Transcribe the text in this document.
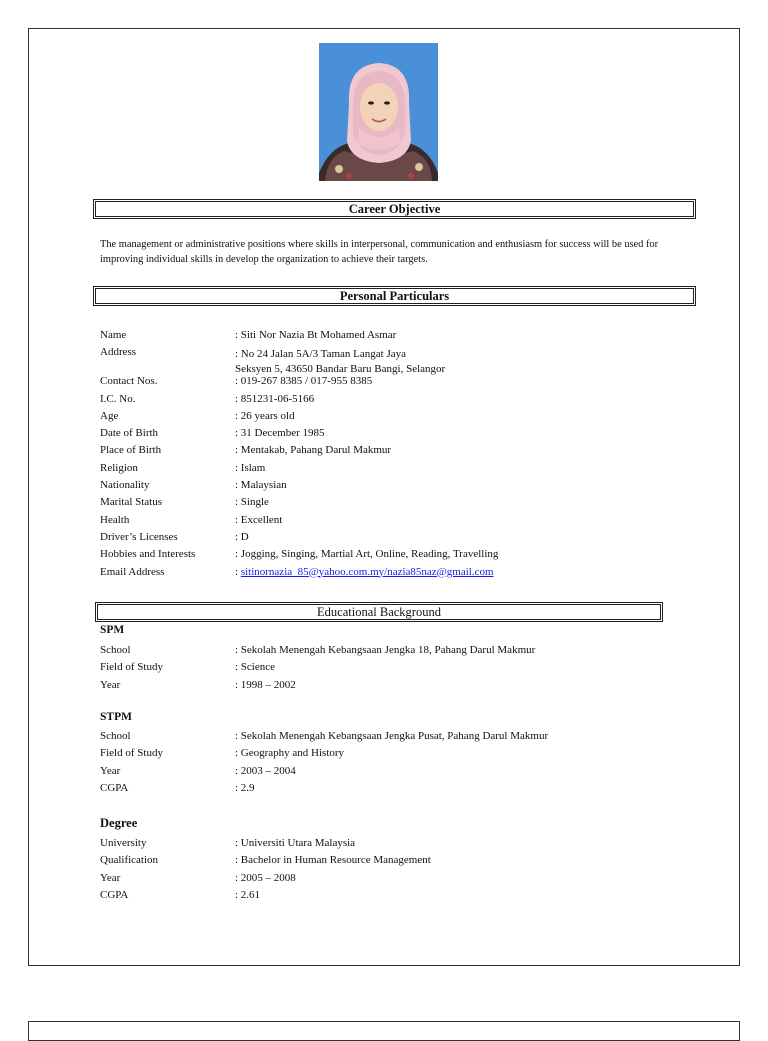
Career Objective
The management or administrative positions where skills in interpersonal, communication and enthusiasm for success will be used for improving individual skills in develop the organization to achieve their targets.
Personal Particulars
Name	: Siti Nor Nazia Bt Mohamed Asmar
Address	: No 24 Jalan 5A/3 Taman Langat Jaya
Seksyen 5, 43650 Bandar Baru Bangi, Selangor
Contact Nos.	: 019-267 8385 / 017-955 8385
I.C. No.	: 851231-06-5166
Age	: 26 years old
Date of Birth	: 31 December 1985
Place of Birth	: Mentakab, Pahang Darul Makmur
Religion	: Islam
Nationality	: Malaysian
Marital Status	: Single
Health	: Excellent
Driver’s Licenses	: D
Hobbies and Interests	: Jogging, Singing, Martial Art, Online, Reading, Travelling
Email Address	: sitinornazia_85@yahoo.com.my/nazia85naz@gmail.com
Educational Background
SPM
School	: Sekolah Menengah Kebangsaan Jengka 18, Pahang Darul Makmur
Field of Study	: Science
Year	: 1998 – 2002
STPM
School	: Sekolah Menengah Kebangsaan Jengka Pusat, Pahang Darul Makmur
Field of Study	: Geography and History
Year	: 2003 – 2004
CGPA	: 2.9
Degree
University	: Universiti Utara Malaysia
Qualification	: Bachelor in Human Resource Management
Year	: 2005 – 2008
CGPA	: 2.61
